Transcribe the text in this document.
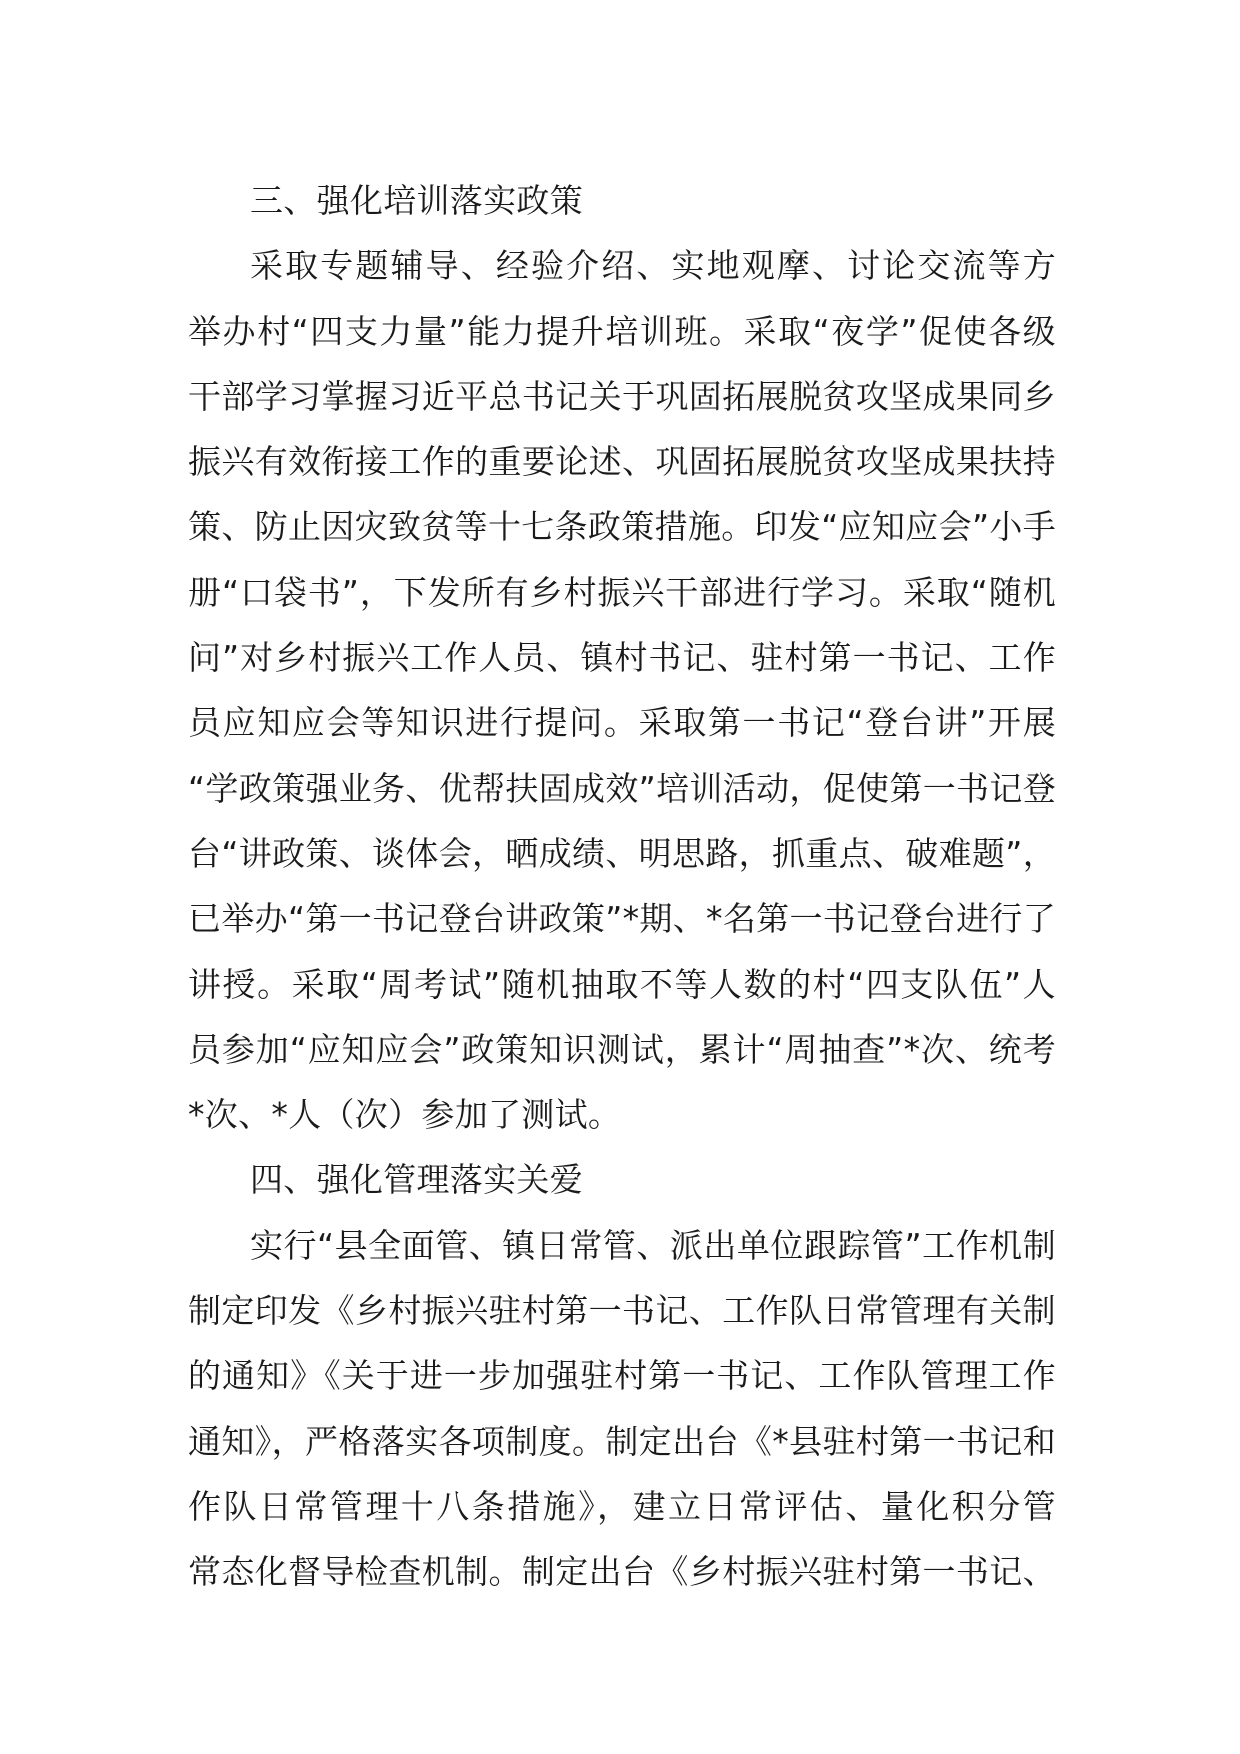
三、强化培训落实政策
采取专题辅导、经验介绍、实地观摩、讨论交流等方
举办村“四支力量”能力提升培训班。采取“夜学”促使各级
干部学习掌握习近平总书记关于巩固拓展脱贫攻坚成果同乡
振兴有效衔接工作的重要论述、巩固拓展脱贫攻坚成果扶持
策、防止因灾致贫等十七条政策措施。印发“应知应会”小手
册“口袋书”，下发所有乡村振兴干部进行学习。采取“随机
问”对乡村振兴工作人员、镇村书记、驻村第一书记、工作
员应知应会等知识进行提问。采取第一书记“登台讲”开展
“学政策强业务、优帮扶固成效”培训活动，促使第一书记登
台“讲政策、谈体会，晒成绩、明思路，抓重点、破难题”，
已举办“第一书记登台讲政策”*期、*名第一书记登台进行了
讲授。采取“周考试”随机抽取不等人数的村“四支队伍”人
员参加“应知应会”政策知识测试，累计“周抽查”*次、统考
*次、*人（次）参加了测试。
四、强化管理落实关爱
实行“县全面管、镇日常管、派出单位跟踪管”工作机制
制定印发《乡村振兴驻村第一书记、工作队日常管理有关制
的通知》《关于进一步加强驻村第一书记、工作队管理工作
通知》，严格落实各项制度。制定出台《*县驻村第一书记和
作队日常管理十八条措施》，建立日常评估、量化积分管
常态化督导检查机制。制定出台《乡村振兴驻村第一书记、
